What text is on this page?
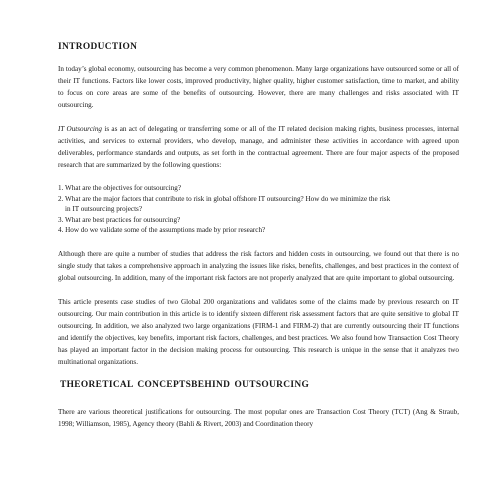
INTRODUCTION

In today’s global economy, outsourcing has become a very common phenomenon. Many large organizations have outsourced some or all of their IT functions. Factors like lower costs, improved productivity, higher quality, higher customer satisfaction, time to market, and ability to focus on core areas are some of the benefits of outsourcing. However, there are many challenges and risks associated with IT outsourcing.

IT Outsourcing is as an act of delegating or transferring some or all of the IT related decision making rights, business processes, internal activities, and services to external providers, who develop, manage, and administer these activities in accordance with agreed upon deliverables, performance standards and outputs, as set forth in the contractual agreement. There are four major aspects of the proposed research that are summarized by the following questions:

1. What are the objectives for outsourcing?
2. What are the major factors that contribute to risk in global offshore IT outsourcing? How do we minimize the risk
in IT outsourcing projects?
3. What are best practices for outsourcing?
4. How do we validate some of the assumptions made by prior research?

Although there are quite a number of studies that address the risk factors and hidden costs in outsourcing, we found out that there is no single study that takes a comprehensive approach in analyzing the issues like risks, benefits, challenges, and best practices in the context of global outsourcing. In addition, many of the important risk factors are not properly analyzed that are quite important to global outsourcing.

This article presents case studies of two Global 200 organizations and validates some of the claims made by previous research on IT outsourcing. Our main contribution in this article is to identify sixteen different risk assessment factors that are quite sensitive to global IT outsourcing. In addition, we also analyzed two large organizations (FIRM-1 and FIRM-2) that are currently outsourcing their IT functions and identify the objectives, key benefits, important risk factors, challenges, and best practices. We also found how Transaction Cost Theory has played an important factor in the decision making process for outsourcing. This research is unique in the sense that it analyzes two multinational organizations.

THEORETICAL CONCEPTSBEHIND OUTSOURCING

There are various theoretical justifications for outsourcing. The most popular ones are Transaction Cost Theory (TCT) (Ang & Straub, 1998; Williamson, 1985), Agency theory (Bahli & Rivert, 2003) and Coordination theory
